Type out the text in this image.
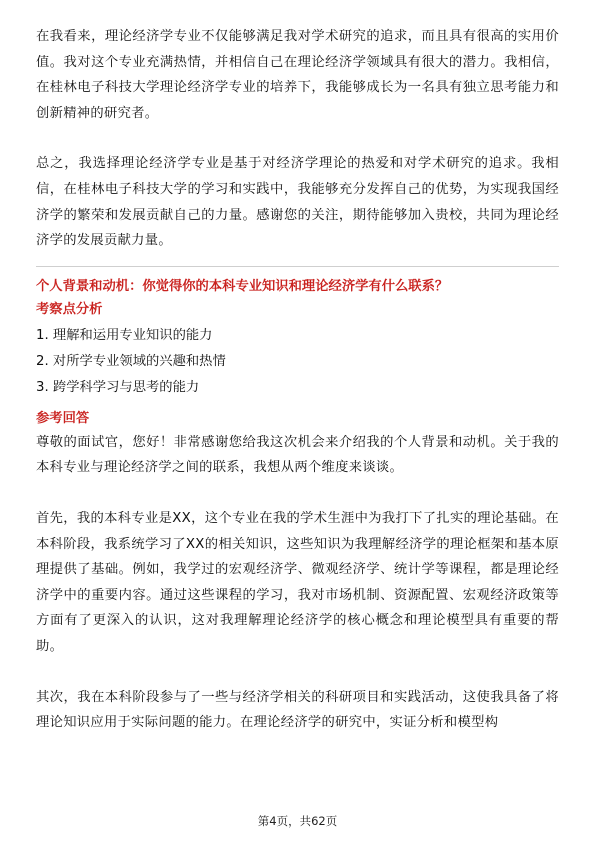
在我看来，理论经济学专业不仅能够满足我对学术研究的追求，而且具有很高的实用价值。我对这个专业充满热情，并相信自己在理论经济学领域具有很大的潜力。我相信，在桂林电子科技大学理论经济学专业的培养下，我能够成长为一名具有独立思考能力和创新精神的研究者。

总之，我选择理论经济学专业是基于对经济学理论的热爱和对学术研究的追求。我相信，在桂林电子科技大学的学习和实践中，我能够充分发挥自己的优势，为实现我国经济学的繁荣和发展贡献自己的力量。感谢您的关注，期待能够加入贵校，共同为理论经济学的发展贡献力量。

个人背景和动机：你觉得你的本科专业知识和理论经济学有什么联系？

考察点分析

1. 理解和运用专业知识的能力
2. 对所学专业领域的兴趣和热情
3. 跨学科学习与思考的能力

参考回答

尊敬的面试官，您好！非常感谢您给我这次机会来介绍我的个人背景和动机。关于我的本科专业与理论经济学之间的联系，我想从两个维度来谈谈。

首先，我的本科专业是XX，这个专业在我的学术生涯中为我打下了扎实的理论基础。在本科阶段，我系统学习了XX的相关知识，这些知识为我理解经济学的理论框架和基本原理提供了基础。例如，我学过的宏观经济学、微观经济学、统计学等课程，都是理论经济学中的重要内容。通过这些课程的学习，我对市场机制、资源配置、宏观经济政策等方面有了更深入的认识，这对我理解理论经济学的核心概念和理论模型具有重要的帮助。

其次，我在本科阶段参与了一些与经济学相关的科研项目和实践活动，这使我具备了将理论知识应用于实际问题的能力。在理论经济学的研究中，实证分析和模型构

第4页，共62页
